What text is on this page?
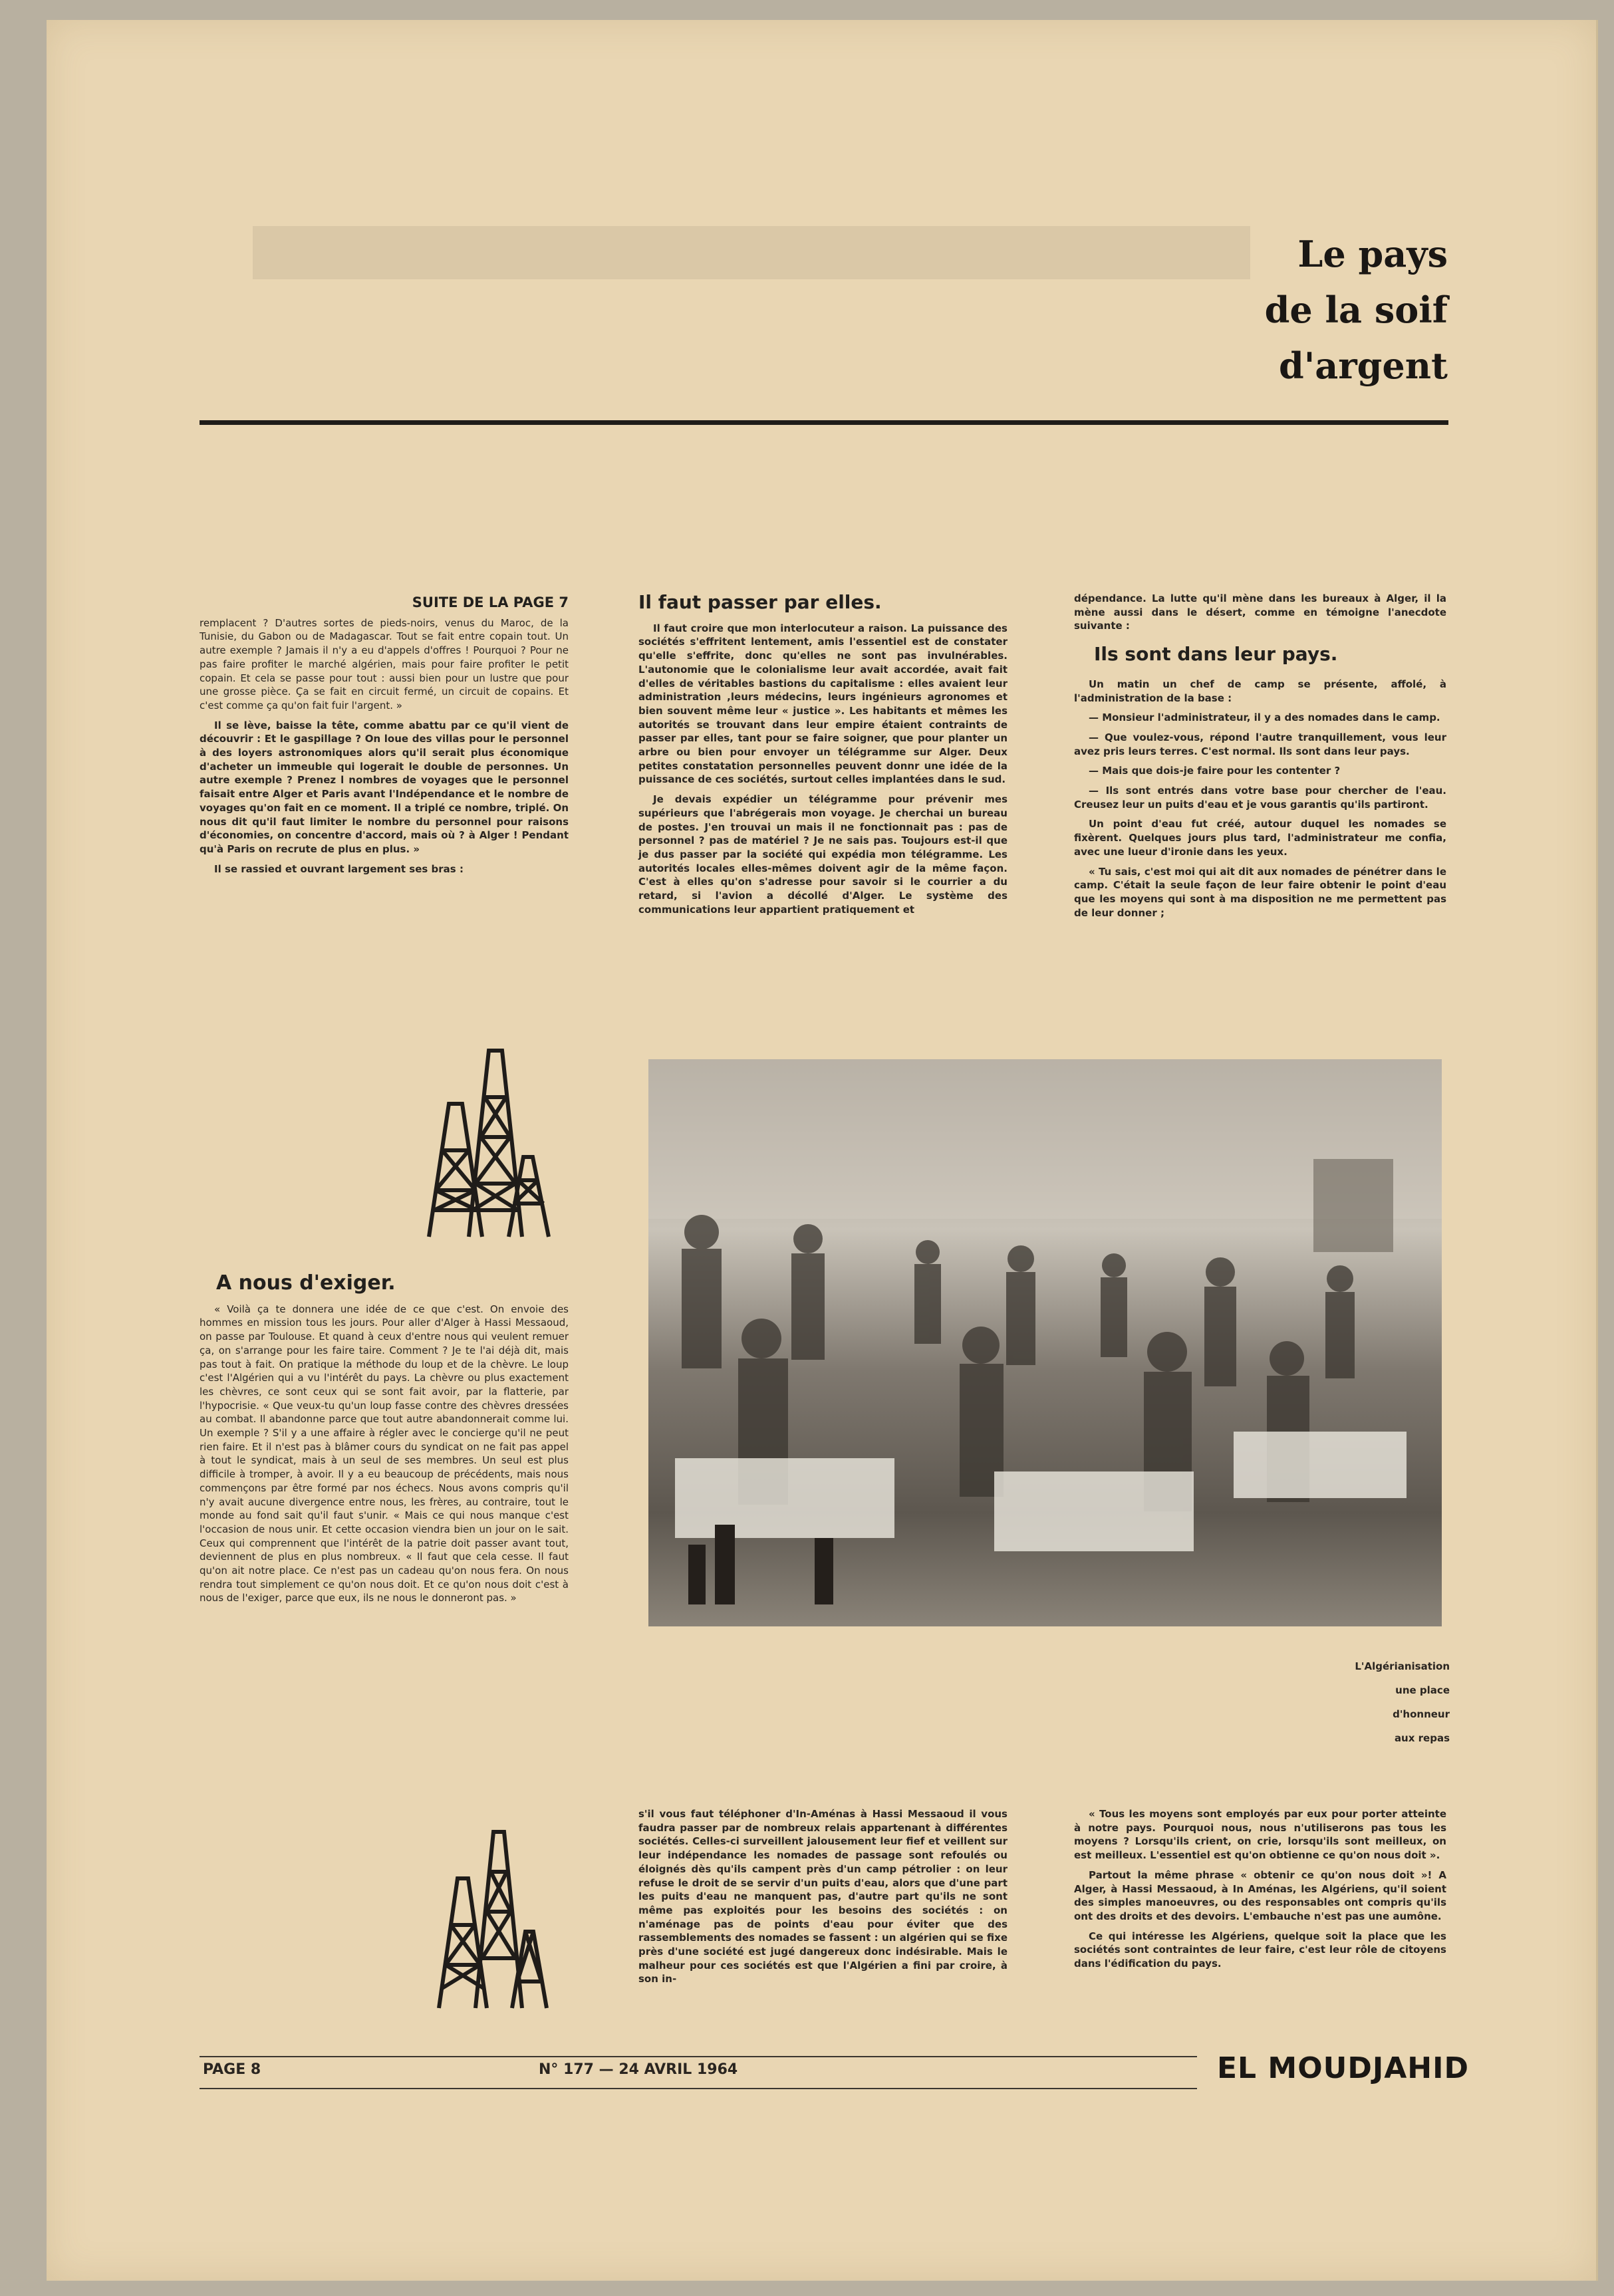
Le pays
de la soif
d'argent
SUITE DE LA PAGE 7

remplacent ? D'autres sortes de pieds-noirs, venus du Maroc, de la Tunisie, du Gabon ou de Madagascar. Tout se fait entre copain tout. Un autre exemple ? Jamais il n'y a eu d'appels d'offres ! Pourquoi ? Pour ne pas faire profiter le marché algérien, mais pour faire profiter le petit copain. Et cela se passe pour tout : aussi bien pour un lustre que pour une grosse pièce. Ça se fait en circuit fermé, un circuit de copains. Et c'est comme ça qu'on fait fuir l'argent. »

Il se lève, baisse la tête, comme abattu par ce qu'il vient de découvrir : Et le gaspillage ? On loue des villas pour le personnel à des loyers astronomiques alors qu'il serait plus économique d'acheter un immeuble qui logerait le double de personnes. Un autre exemple ? Prenez l nombres de voyages que le personnel faisait entre Alger et Paris avant l'Indépendance et le nombre de voyages qu'on fait en ce moment. Il a triplé ce nombre, triplé. On nous dit qu'il faut limiter le nombre du personnel pour raisons d'économies, on concentre d'accord, mais où ? à Alger ! Pendant qu'à Paris on recrute de plus en plus. »

Il se rassied et ouvrant largement ses bras :

A nous d'exiger.

« Voilà ça te donnera une idée de ce que c'est. On envoie des hommes en mission tous les jours. Pour aller d'Alger à Hassi Messaoud, on passe par Toulouse. Et quand à ceux d'entre nous qui veulent remuer ça, on s'arrange pour les faire taire. Comment ? Je te l'ai déjà dit, mais pas tout à fait. On pratique la méthode du loup et de la chèvre. Le loup c'est l'Algérien qui a vu l'intérêt du pays. La chèvre ou plus exactement les chèvres, ce sont ceux qui se sont fait avoir, par la flatterie, par l'hypocrisie. « Que veux-tu qu'un loup fasse contre des chèvres dressées au combat. Il abandonne parce que tout autre abandonnerait comme lui. Un exemple ? S'il y a une affaire à régler avec le concierge qu'il ne peut rien faire. Et il n'est pas à blâmer cours du syndicat on ne fait pas appel à tout le syndicat, mais à un seul de ses membres. Un seul est plus difficile à tromper, à avoir. Il y a eu beaucoup de précédents, mais nous commençons par être formé par nos échecs. Nous avons compris qu'il n'y avait aucune divergence entre nous, les frères, au contraire, tout le monde au fond sait qu'il faut s'unir. « Mais ce qui nous manque c'est l'occasion de nous unir. Et cette occasion viendra bien un jour on le sait. Ceux qui comprennent que l'intérêt de la patrie doit passer avant tout, deviennent de plus en plus nombreux. « Il faut que cela cesse. Il faut qu'on ait notre place. Ce n'est pas un cadeau qu'on nous fera. On nous rendra tout simplement ce qu'on nous doit. Et ce qu'on nous doit c'est à nous de l'exiger, parce que eux, ils ne nous le donneront pas. »

Il faut passer par elles.

Il faut croire que mon interlocuteur a raison. La puissance des sociétés s'effritent lentement, amis l'essentiel est de constater qu'elle s'effrite, donc qu'elles ne sont pas invulnérables. L'autonomie que le colonialisme leur avait accordée, avait fait d'elles de véritables bastions du capitalisme : elles avaient leur administration ,leurs médecins, leurs ingénieurs agronomes et bien souvent même leur « justice ». Les habitants et mêmes les autorités se trouvant dans leur empire étaient contraints de passer par elles, tant pour se faire soigner, que pour planter un arbre ou bien pour envoyer un télégramme sur Alger. Deux petites constatation personnelles peuvent donnr une idée de la puissance de ces sociétés, surtout celles implantées dans le sud.

Je devais expédier un télégramme pour prévenir mes supérieurs que l'abrégerais mon voyage. Je cherchai un bureau de postes. J'en trouvai un mais il ne fonctionnait pas : pas de personnel ? pas de matériel ? Je ne sais pas. Toujours est-il que je dus passer par la société qui expédia mon télégramme. Les autorités locales elles-mêmes doivent agir de la même façon. C'est à elles qu'on s'adresse pour savoir si le courrier a du retard, si l'avion a décollé d'Alger. Le système des communications leur appartient pratiquement et

dépendance. La lutte qu'il mène dans les bureaux à Alger, il la mène aussi dans le désert, comme en témoigne l'anecdote suivante :

Ils sont dans leur pays.

Un matin un chef de camp se présente, affolé, à l'administration de la base :

— Monsieur l'administrateur, il y a des nomades dans le camp.

— Que voulez-vous, répond l'autre tranquillement, vous leur avez pris leurs terres. C'est normal. Ils sont dans leur pays.

— Mais que dois-je faire pour les contenter ?

— Ils sont entrés dans votre base pour chercher de l'eau. Creusez leur un puits d'eau et je vous garantis qu'ils partiront.

Un point d'eau fut créé, autour duquel les nomades se fixèrent. Quelques jours plus tard, l'administrateur me confia, avec une lueur d'ironie dans les yeux.

« Tu sais, c'est moi qui ait dit aux nomades de pénétrer dans le camp. C'était la seule façon de leur faire obtenir le point d'eau que les moyens qui sont à ma disposition ne me permettent pas de leur donner ;

L'Algérianisation
une place
d'honneur
aux repas

s'il vous faut téléphoner d'In-Aménas à Hassi Messaoud il vous faudra passer par de nombreux relais appartenant à différentes sociétés. Celles-ci surveillent jalousement leur fief et veillent sur leur indépendance les nomades de passage sont refoulés ou éloignés dès qu'ils campent près d'un camp pétrolier : on leur refuse le droit de se servir d'un puits d'eau, alors que d'une part les puits d'eau ne manquent pas, d'autre part qu'ils ne sont même pas exploités pour les besoins des sociétés : on n'aménage pas de points d'eau pour éviter que des rassemblements des nomades se fassent : un algérien qui se fixe près d'une société est jugé dangereux donc indésirable. Mais le malheur pour ces sociétés est que l'Algérien a fini par croire, à son in-

« Tous les moyens sont employés par eux pour porter atteinte à notre pays. Pourquoi nous, nous n'utiliserons pas tous les moyens ? Lorsqu'ils crient, on crie, lorsqu'ils sont meilleux, on est meilleux. L'essentiel est qu'on obtienne ce qu'on nous doit ».

Partout la même phrase « obtenir ce qu'on nous doit »! A Alger, à Hassi Messaoud, à In Aménas, les Algériens, qu'il soient des simples manoeuvres, ou des responsables ont compris qu'ils ont des droits et des devoirs. L'embauche n'est pas une aumône.

Ce qui intéresse les Algériens, quelque soit la place que les sociétés sont contraintes de leur faire, c'est leur rôle de citoyens dans l'édification du pays.

PAGE 8	N° 177 — 24 AVRIL 1964	EL MOUDJAHID
